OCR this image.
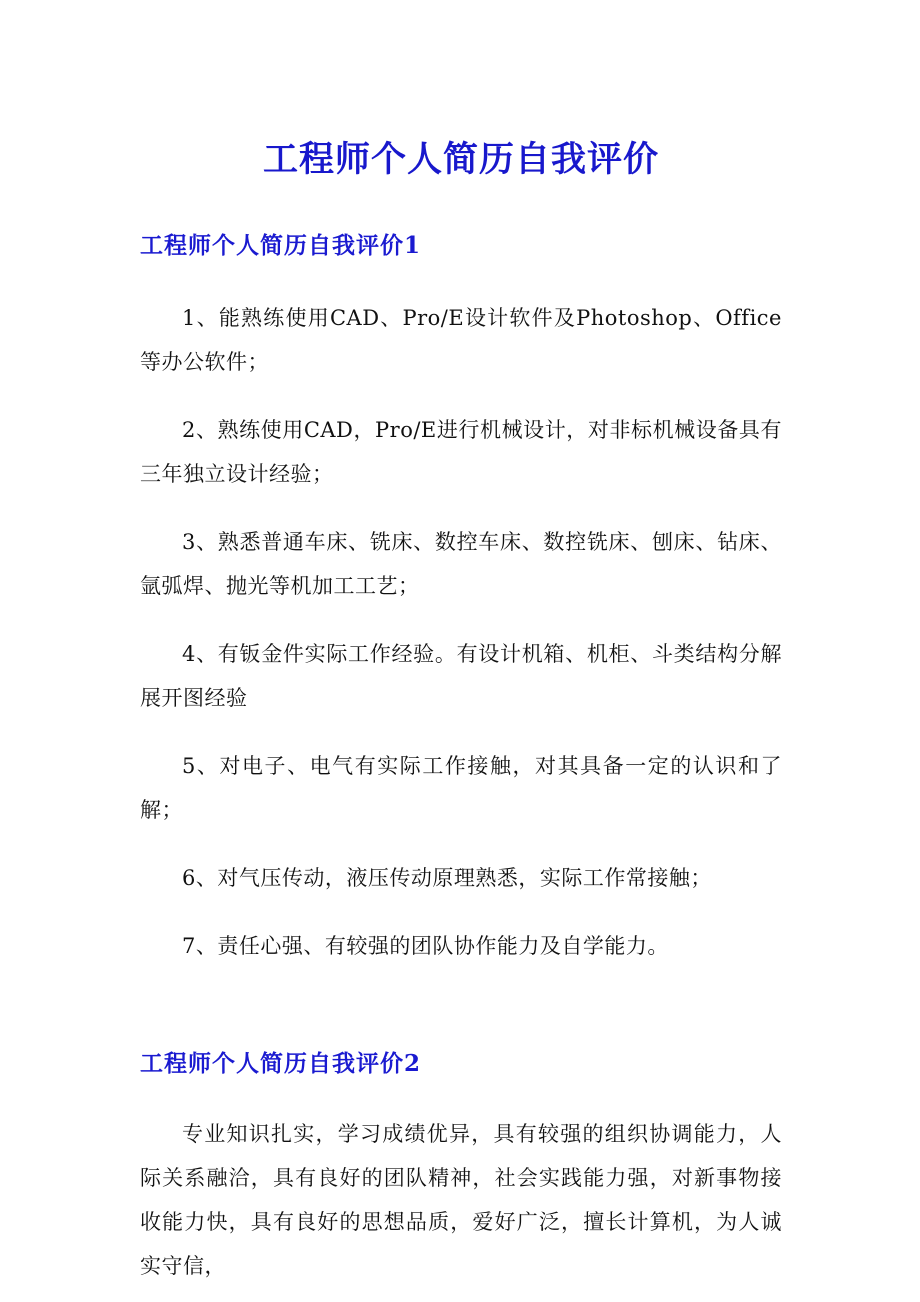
工程师个人简历自我评价
工程师个人简历自我评价1
1、能熟练使用CAD、Pro/E设计软件及Photoshop、Office等办公软件；
2、熟练使用CAD，Pro/E进行机械设计，对非标机械设备具有三年独立设计经验；
3、熟悉普通车床、铣床、数控车床、数控铣床、刨床、钻床、氩弧焊、抛光等机加工工艺；
4、有钣金件实际工作经验。有设计机箱、机柜、斗类结构分解展开图经验
5、对电子、电气有实际工作接触，对其具备一定的认识和了解；
6、对气压传动，液压传动原理熟悉，实际工作常接触；
7、责任心强、有较强的团队协作能力及自学能力。
工程师个人简历自我评价2

专业知识扎实，学习成绩优异，具有较强的组织协调能力，人际关系融洽，具有良好的团队精神，社会实践能力强，对新事物接收能力快，具有良好的思想品质，爱好广泛，擅长计算机，为人诚实守信，
